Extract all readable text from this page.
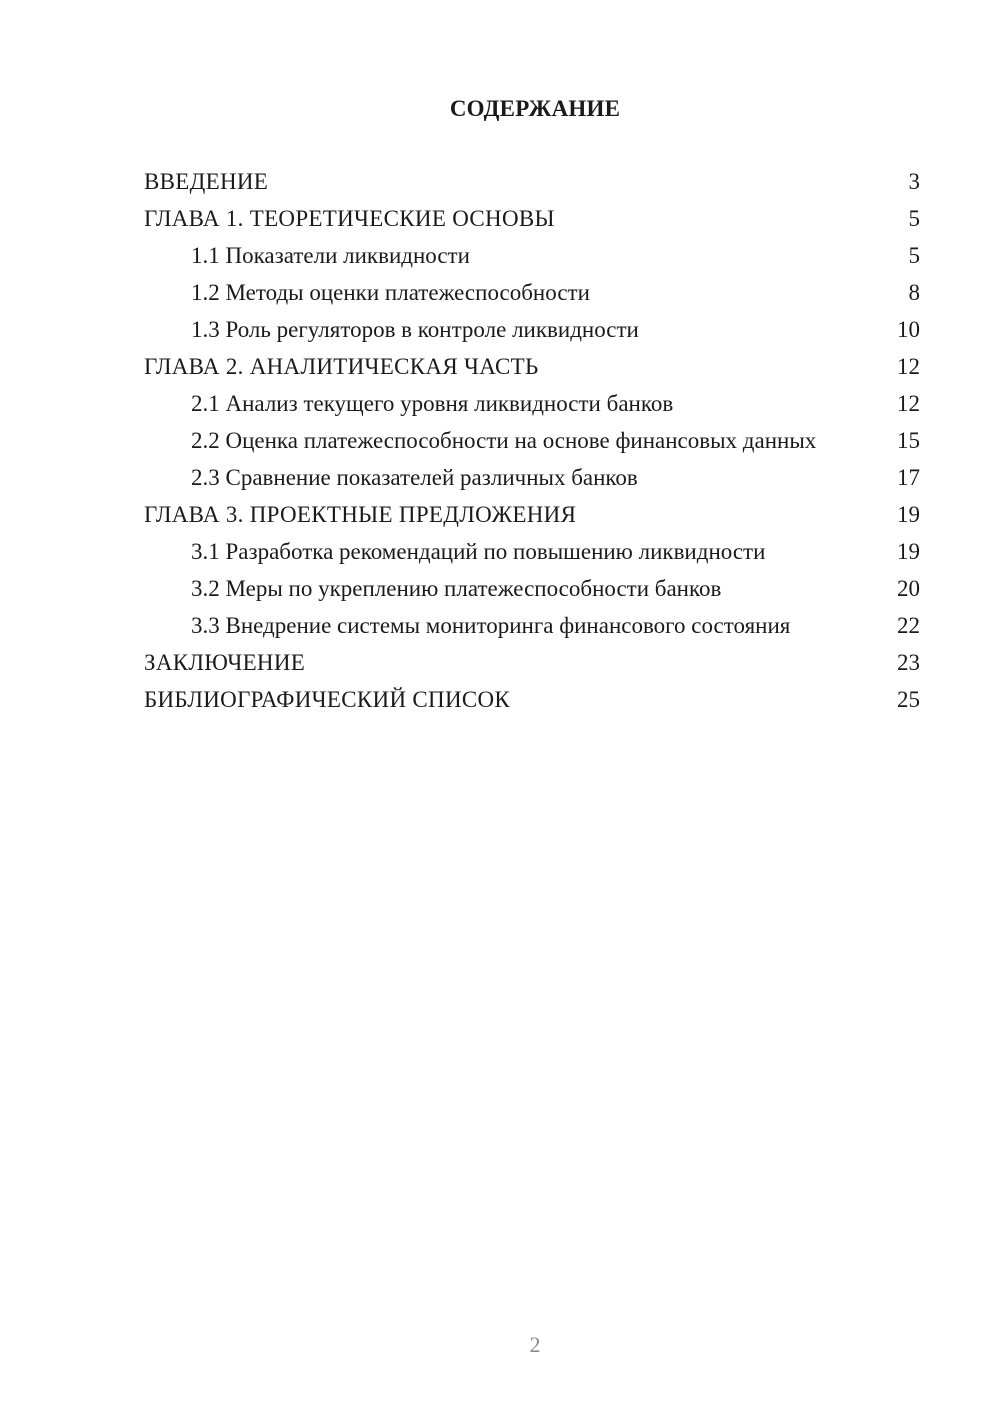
СОДЕРЖАНИЕ
ВВЕДЕНИЕ	3
ГЛАВА 1. ТЕОРЕТИЧЕСКИЕ ОСНОВЫ	5
1.1 Показатели ликвидности	5
1.2 Методы оценки платежеспособности	8
1.3 Роль регуляторов в контроле ликвидности	10
ГЛАВА 2. АНАЛИТИЧЕСКАЯ ЧАСТЬ	12
2.1 Анализ текущего уровня ликвидности банков	12
2.2 Оценка платежеспособности на основе финансовых данных	15
2.3 Сравнение показателей различных банков	17
ГЛАВА 3. ПРОЕКТНЫЕ ПРЕДЛОЖЕНИЯ	19
3.1 Разработка рекомендаций по повышению ликвидности	19
3.2 Меры по укреплению платежеспособности банков	20
3.3 Внедрение системы мониторинга финансового состояния	22
ЗАКЛЮЧЕНИЕ	23
БИБЛИОГРАФИЧЕСКИЙ СПИСОК	25
2
